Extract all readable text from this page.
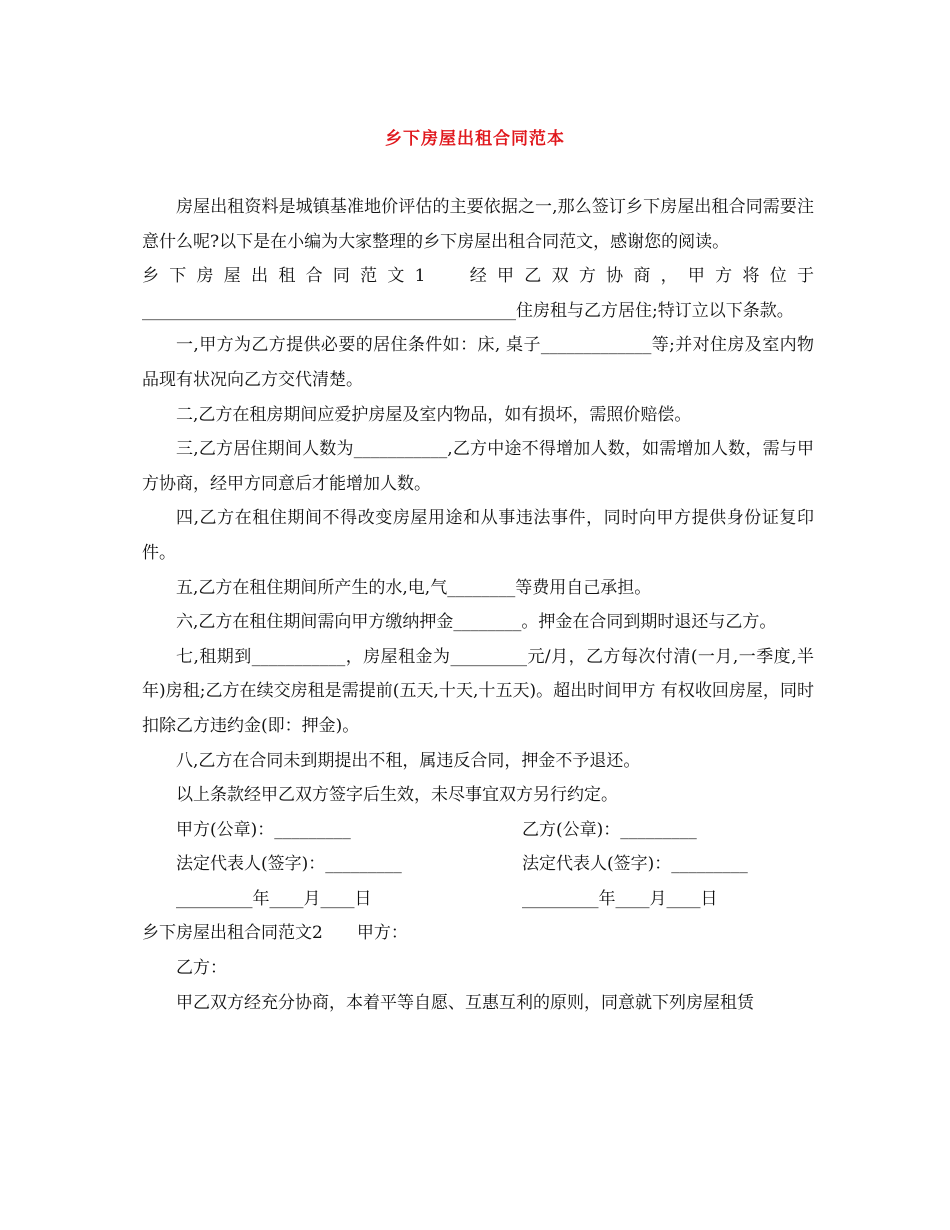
乡下房屋出租合同范本

房屋出租资料是城镇基准地价评估的主要依据之一,那么签订乡下房屋出租合同需要注意什么呢?以下是在小编为大家整理的乡下房屋出租合同范文，感谢您的阅读。

乡下房屋出租合同范文1 经甲乙双方协商，甲方将位于____________________________________________住房租与乙方居住;特订立以下条款。

一,甲方为乙方提供必要的居住条件如：床, 桌子_____________等;并对住房及室内物品现有状况向乙方交代清楚。

二,乙方在租房期间应爱护房屋及室内物品，如有损坏，需照价赔偿。

三,乙方居住期间人数为___________,乙方中途不得增加人数，如需增加人数，需与甲方协商，经甲方同意后才能增加人数。

四,乙方在租住期间不得改变房屋用途和从事违法事件，同时向甲方提供身份证复印件。

五,乙方在租住期间所产生的水,电,气________等费用自己承担。

六,乙方在租住期间需向甲方缴纳押金________。押金在合同到期时退还与乙方。

七,租期到___________，房屋租金为_________元/月，乙方每次付清(一月,一季度,半年)房租;乙方在续交房租是需提前(五天,十天,十五天)。超出时间甲方 有权收回房屋，同时扣除乙方违约金(即：押金)。

八,乙方在合同未到期提出不租，属违反合同，押金不予退还。

以上条款经甲乙双方签字后生效，未尽事宜双方另行约定。

甲方(公章)：_________	乙方(公章)：_________
法定代表人(签字)：_________	法定代表人(签字)：_________
_________年____月____日	_________年____月____日

乡下房屋出租合同范文2 甲方：

乙方：

甲乙双方经充分协商，本着平等自愿、互惠互利的原则，同意就下列房屋租赁
